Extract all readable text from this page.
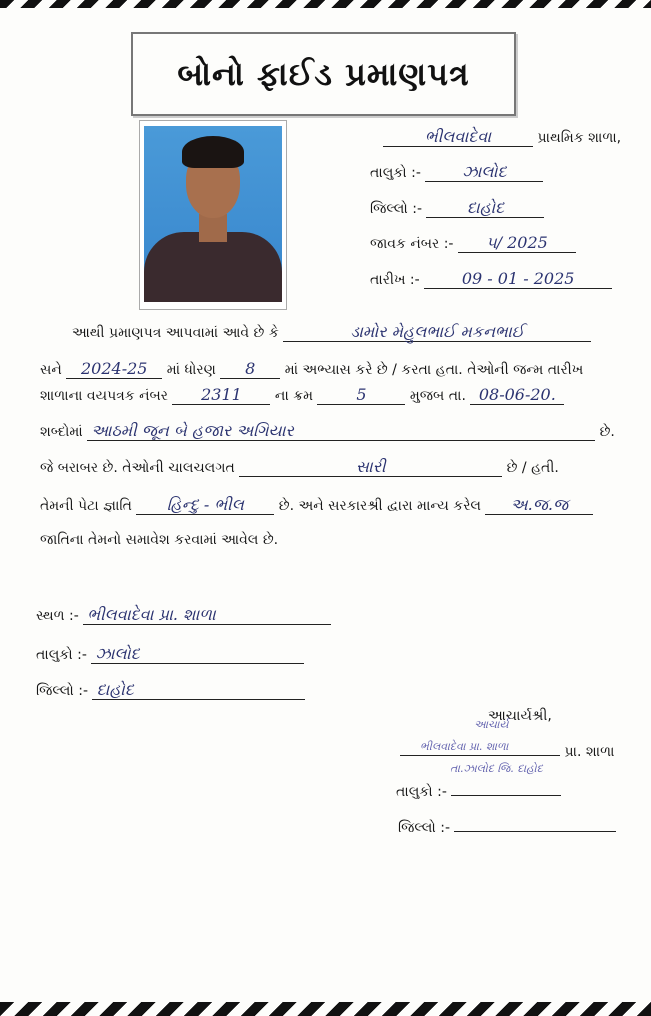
બોનો ફાઈડ પ્રમાણપત્ર
ભીલવાદેવા	પ્રાથમિક શાળા,
તાલુકો :-	ઝાલોદ
જિલ્લો :-	દાહોદ
જાવક નંબર :- ૫/ 2025
તારીખ :-	09 - 01 - 2025
આથી પ્રમાણપત્ર આપવામાં આવે છે કે	ડામોર મેહુલભાઈ મકનભાઈ
સને 2024-25 માં ધોરણ 8 માં અભ્યાસ કરે છે / કરતા હતા. તેઓની જન્મ તારીખ
શાળાના વયપત્રક નંબર 2311 ના ક્રમ	5	મુજબ તા. 08-06-20.
શબ્દોમાં આઠમી જૂન બે હજાર અગિયાર	છે.
જે બરાબર છે. તેઓની ચાલચલગત	સારી	છે / હતી.
તેમની પેટા જ્ઞાતિ હિન્દુ - ભીલ છે. અને સરકારશ્રી દ્વારા માન્ય કરેલ અ.જ.જ
જાતિના તેમનો સમાવેશ કરવામાં આવેલ છે.
સ્થળ :- ભીલવાદેવા પ્રા. શાળા
તાલુકો :- ઝાલોદ
જિલ્લો :- દાહોદ
આચાર્યશ્રી,
પ્રા. શાળા
આચાર્ય
ભીલવાદેવા પ્રા. શાળા
તા.ઝાલોદ જિ. દાહોદ
તાલુકો :-
જિલ્લો :-
